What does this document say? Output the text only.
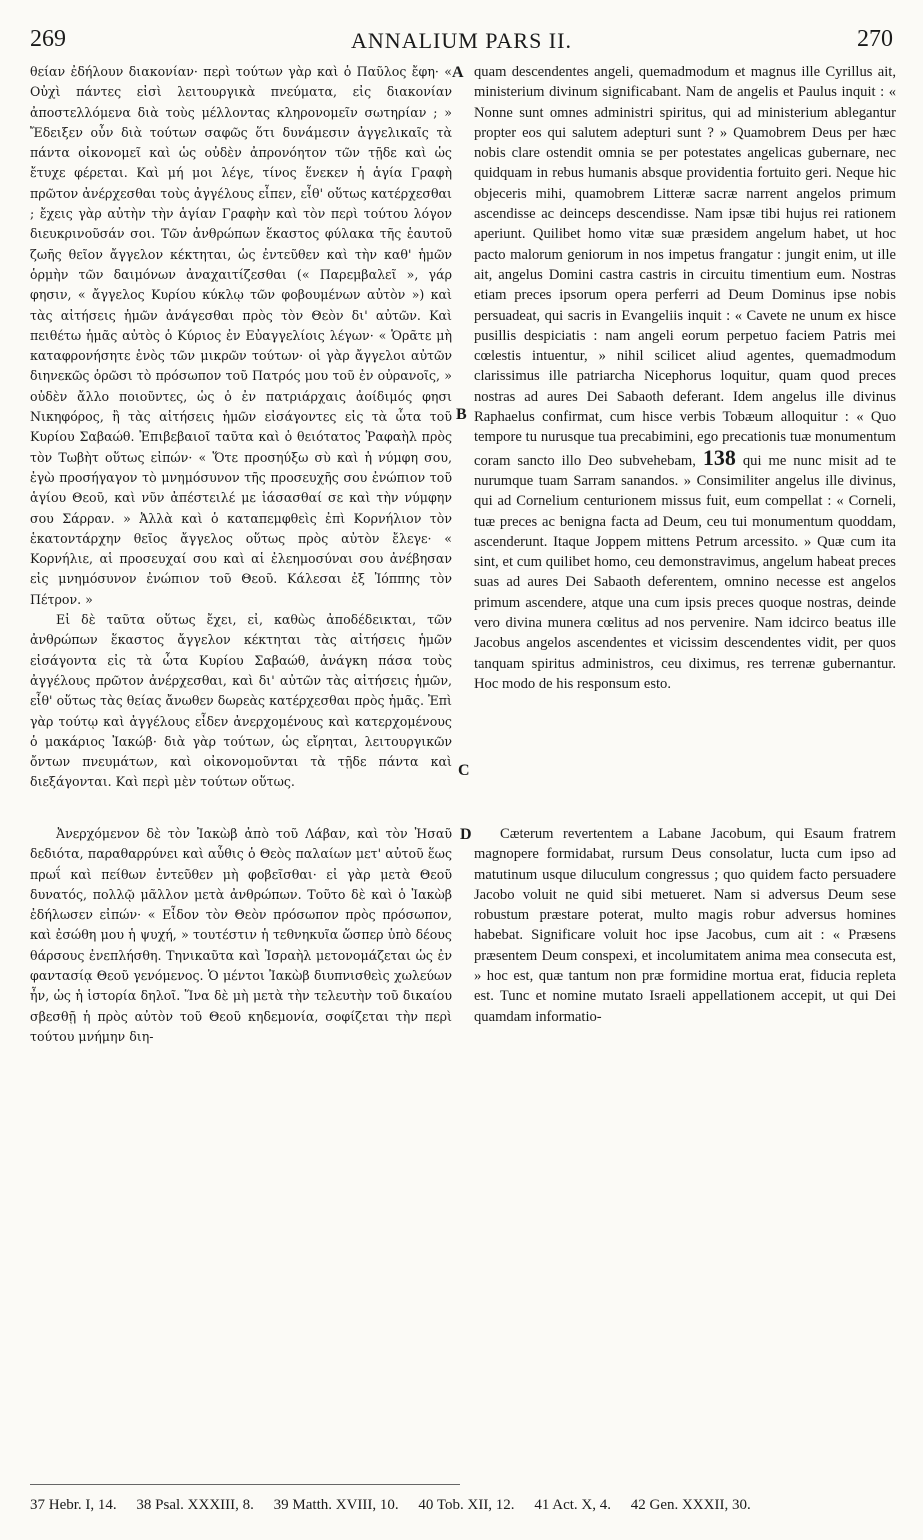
269	ANNALIUM PARS II.	270

θείαν ἐδήλουν διακονίαν· περὶ τούτων γὰρ καὶ ὁ Παῦλος ἔφη· « Οὐχὶ πάντες εἰσὶ λειτουργικὰ πνεύματα, εἰς διακονίαν ἀποστελλόμενα διὰ τοὺς μέλλοντας κληρονομεῖν σωτηρίαν ; » Ἔδειξεν οὖν διὰ τούτων σαφῶς ὅτι δυνάμεσιν ἀγγελικαῖς τὰ πάντα οἰκονομεῖ καὶ ὡς οὐδὲν ἀπρονόητον τῶν τῇδε καὶ ὡς ἔτυχε φέρεται. Καὶ μή μοι λέγε, τίνος ἕνεκεν ἡ ἁγία Γραφὴ πρῶτον ἀνέρχεσθαι τοὺς ἀγγέλους εἶπεν, εἶθ' οὕτως κατέρχεσθαι ; ἔχεις γὰρ αὐτὴν τὴν ἁγίαν Γραφὴν καὶ τὸν περὶ τούτου λόγον διευκρινοῦσάν σοι. Τῶν ἀνθρώπων ἕκαστος φύλακα τῆς ἑαυτοῦ ζωῆς θεῖον ἄγγελον κέκτηται, ὡς ἐντεῦθεν καὶ τὴν καθ' ἡμῶν ὁρμὴν τῶν δαιμόνων ἀναχαιτίζεσθαι (« Παρεμβαλεῖ », γάρ φησιν, « ἄγγελος Κυρίου κύκλῳ τῶν φοβουμένων αὐτὸν ») καὶ τὰς αἰτήσεις ἡμῶν ἀνάγεσθαι πρὸς τὸν Θεὸν δι' αὐτῶν. Καὶ πειθέτω ἡμᾶς αὐτὸς ὁ Κύριος ἐν Εὐαγγελίοις λέγων· « Ὁρᾶτε μὴ καταφρονήσητε ἑνὸς τῶν μικρῶν τούτων· οἱ γὰρ ἄγγελοι αὐτῶν διηνεκῶς ὁρῶσι τὸ πρόσωπον τοῦ Πατρός μου τοῦ ἐν οὐρανοῖς, » οὐδὲν ἄλλο ποιοῦντες, ὡς ὁ ἐν πατριάρχαις ἀοίδιμός φησι Νικηφόρος, ἢ τὰς αἰτήσεις ἡμῶν εἰσάγοντες εἰς τὰ ὦτα τοῦ Κυρίου Σαβαώθ. Ἐπιβεβαιοῖ ταῦτα καὶ ὁ θειότατος Ῥαφαὴλ πρὸς τὸν Τωβὴτ οὕτως εἰπών· « Ὅτε προσηύξω σὺ καὶ ἡ νύμφη σου, ἐγὼ προσήγαγον τὸ μνημόσυνον τῆς προσευχῆς σου ἐνώπιον τοῦ ἁγίου Θεοῦ, καὶ νῦν ἀπέστειλέ με ἰάσασθαί σε καὶ τὴν νύμφην σου Σάρραν. » Ἀλλὰ καὶ ὁ καταπεμφθεὶς ἐπὶ Κορνήλιον τὸν ἑκατοντάρχην θεῖος ἄγγελος οὕτως πρὸς αὐτὸν ἔλεγε· « Κορνήλιε, αἱ προσευχαί σου καὶ αἱ ἐλεημοσύναι σου ἀνέβησαν εἰς μνημόσυνον ἐνώπιον τοῦ Θεοῦ. Κάλεσαι ἐξ Ἰόππης τὸν Πέτρον. »

Εἰ δὲ ταῦτα οὕτως ἔχει, εἰ, καθὼς ἀποδέδεικται, τῶν ἀνθρώπων ἕκαστος ἄγγελον κέκτηται τὰς αἰτήσεις ἡμῶν εἰσάγοντα εἰς τὰ ὦτα Κυρίου Σαβαώθ, ἀνάγκη πάσα τοὺς ἀγγέλους πρῶτον ἀνέρχεσθαι, καὶ δι' αὐτῶν τὰς αἰτήσεις ἡμῶν, εἶθ' οὕτως τὰς θείας ἄνωθεν δωρεὰς κατέρχεσθαι πρὸς ἡμᾶς. Ἐπὶ γὰρ τούτῳ καὶ ἀγγέλους εἶδεν ἀνερχομένους καὶ κατερχομένους ὁ μακάριος Ἰακώβ· διὰ γὰρ τούτων, ὡς εἴρηται, λειτουργικῶν ὄντων πνευμάτων, καὶ οἰκονομοῦνται τὰ τῇδε πάντα καὶ διεξάγονται. Καὶ περὶ μὲν τούτων οὕτως.

Ἀνερχόμενον δὲ τὸν Ἰακὼβ ἀπὸ τοῦ Λάβαν, καὶ τὸν Ἠσαῦ δεδιότα, παραθαρρύνει καὶ αὖθις ὁ Θεὸς παλαίων μετ' αὐτοῦ ἕως πρωΐ καὶ πείθων ἐντεῦθεν μὴ φοβεῖσθαι· εἰ γὰρ μετὰ Θεοῦ δυνατός, πολλῷ μᾶλλον μετὰ ἀνθρώπων. Τοῦτο δὲ καὶ ὁ Ἰακὼβ ἐδήλωσεν εἰπών· « Εἶδον τὸν Θεὸν πρόσωπον πρὸς πρόσωπον, καὶ ἐσώθη μου ἡ ψυχή, » τουτέστιν ἡ τεθνηκυῖα ὥσπερ ὑπὸ δέους θάρσους ἐνεπλήσθη. Τηνικαῦτα καὶ Ἰσραὴλ μετονομάζεται ὡς ἐν φαντασίᾳ Θεοῦ γενόμενος. Ὁ μέντοι Ἰακὼβ διυπνισθεὶς χωλεύων ἦν, ὡς ἡ ἱστορία δηλοῖ. Ἵνα δὲ μὴ μετὰ τὴν τελευτὴν τοῦ δικαίου σβεσθῇ ἡ πρὸς αὐτὸν τοῦ Θεοῦ κηδεμονία, σοφίζεται τὴν περὶ τούτου μνήμην διη-

quam descendentes angeli, quemadmodum et magnus ille Cyrillus ait, ministerium divinum significabant. Nam de angelis et Paulus inquit : « Nonne sunt omnes administri spiritus, qui ad ministerium ablegantur propter eos qui salutem adepturi sunt ? » Quamobrem Deus per hæc nobis clare ostendit omnia se per potestates angelicas gubernare, nec quidquam in rebus humanis absque providentia fortuito geri. Neque hic objeceris mihi, quamobrem Litteræ sacræ narrent angelos primum ascendisse ac deinceps descendisse. Nam ipsæ tibi hujus rei rationem aperiunt. Quilibet homo vitæ suæ præsidem angelum habet, ut hoc pacto malorum geniorum in nos impetus frangatur : jungit enim, ut ille ait, angelus Domini castra castris in circuitu timentium eum. Nostras etiam preces ipsorum opera perferri ad Deum Dominus ipse nobis persuadeat, qui sacris in Evangeliis inquit : « Cavete ne unum ex hisce pusillis despiciatis : nam angeli eorum perpetuo faciem Patris mei cœlestis intuentur, » nihil scilicet aliud agentes, quemadmodum clarissimus ille patriarcha Nicephorus loquitur, quam quod preces nostras ad aures Dei Sabaoth deferant. Idem angelus ille divinus Raphaelus confirmat, cum hisce verbis Tobæum alloquitur : « Quo tempore tu nurusque tua precabimini, ego precationis tuæ monumentum coram sancto illo Deo subvehebam, 138 qui me nunc misit ad te nurumque tuam Sarram sanandos. » Consimiliter angelus ille divinus, qui ad Cornelium centurionem missus fuit, eum compellat : « Corneli, tuæ preces ac benigna facta ad Deum, ceu tui monumentum quoddam, ascenderunt. Itaque Joppem mittens Petrum arcessito. » Quæ cum ita sint, et cum quilibet homo, ceu demonstravimus, angelum habeat preces suas ad aures Dei Sabaoth deferentem, omnino necesse est angelos primum ascendere, atque una cum ipsis preces quoque nostras, deinde vero divina munera cœlitus ad nos pervenire. Nam idcirco beatus ille Jacobus angelos ascendentes et vicissim descendentes vidit, per quos tanquam spiritus administros, ceu diximus, res terrenæ gubernantur. Hoc modo de his responsum esto.

Cæterum revertentem a Labane Jacobum, qui Esaum fratrem magnopere formidabat, rursum Deus consolatur, lucta cum ipso ad matutinum usque diluculum congressus ; quo quidem facto persuadere Jacobo voluit ne quid sibi metueret. Nam si adversus Deum sese robustum præstare poterat, multo magis robur adversus homines habebat. Significare voluit hoc ipse Jacobus, cum ait : « Præsens præsentem Deum conspexi, et incolumitatem anima mea consecuta est, » hoc est, quæ tantum non præ formidine mortua erat, fiducia repleta est. Tunc et nomine mutato Israeli appellationem accepit, ut qui Dei quamdam informatio-

A
B
C
D
37 Hebr. I, 14. 38 Psal. XXXIII, 8. 39 Matth. XVIII, 10. 40 Tob. XII, 12. 41 Act. X, 4. 42 Gen. XXXII, 30.
